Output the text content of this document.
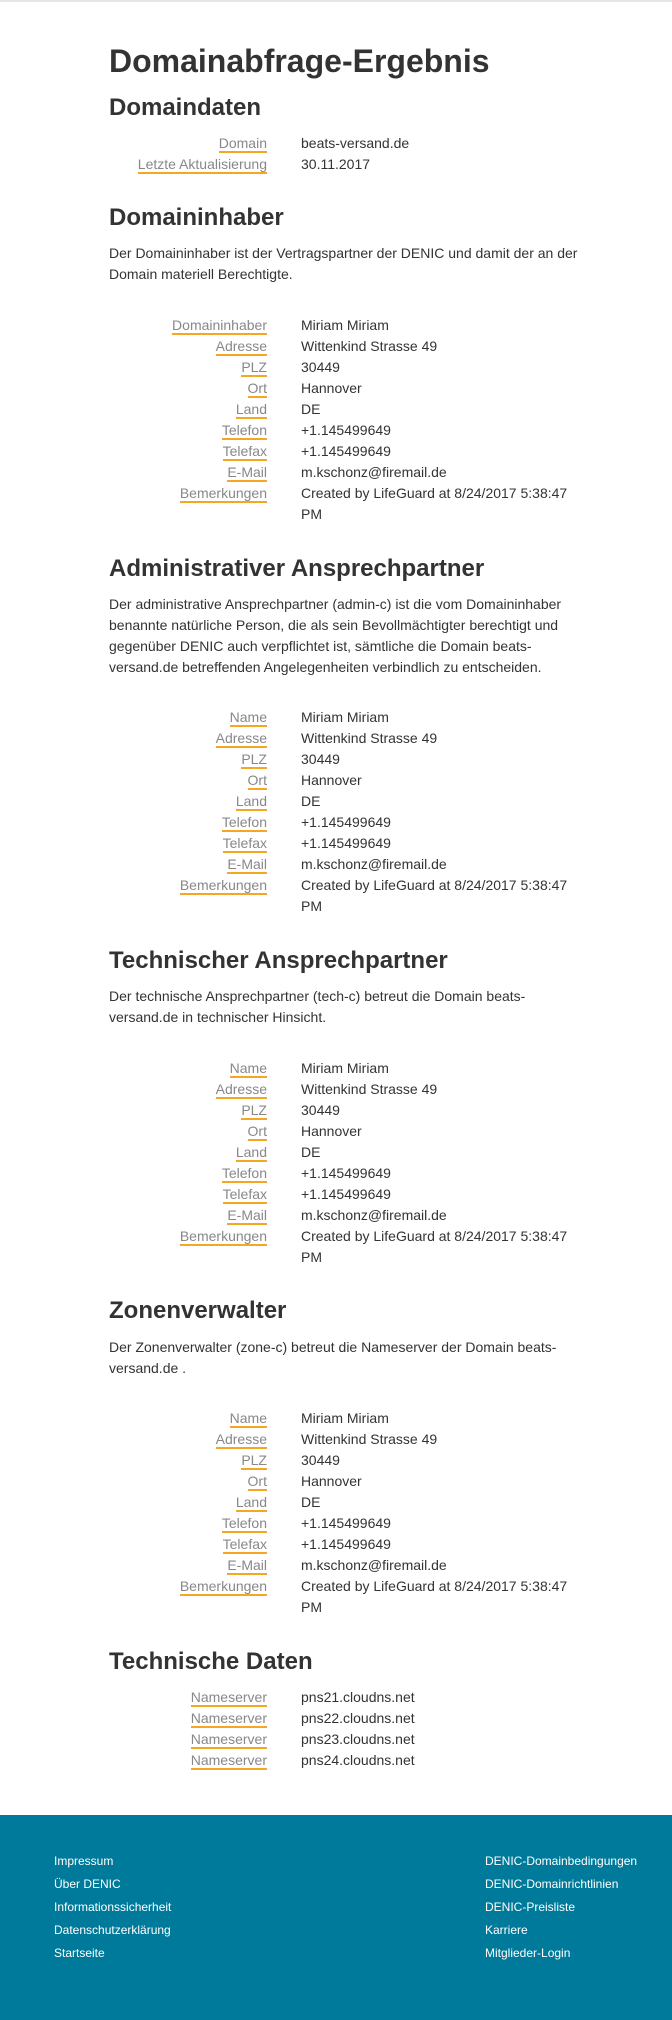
Domainabfrage-Ergebnis
Domaindaten
Domain beats-versand.de
Letzte Aktualisierung 30.11.2017
Domaininhaber

Der Domaininhaber ist der Vertragspartner der DENIC und damit der an der Domain materiell Berechtigte.

Domaininhaber Miriam Miriam
Adresse Wittenkind Strasse 49
PLZ 30449
Ort Hannover
Land DE
Telefon +1.145499649
Telefax +1.145499649
E-Mail m.kschonz@firemail.de
Bemerkungen Created by LifeGuard at 8/24/2017 5:38:47 PM
Administrativer Ansprechpartner

Der administrative Ansprechpartner (admin-c) ist die vom Domaininhaber benannte natürliche Person, die als sein Bevollmächtigter berechtigt und gegenüber DENIC auch verpflichtet ist, sämtliche die Domain beats-versand.de betreffenden Angelegenheiten verbindlich zu entscheiden.

Name Miriam Miriam
Adresse Wittenkind Strasse 49
PLZ 30449
Ort Hannover
Land DE
Telefon +1.145499649
Telefax +1.145499649
E-Mail m.kschonz@firemail.de
Bemerkungen Created by LifeGuard at 8/24/2017 5:38:47 PM
Technischer Ansprechpartner

Der technische Ansprechpartner (tech-c) betreut die Domain beats-versand.de in technischer Hinsicht.

Name Miriam Miriam
Adresse Wittenkind Strasse 49
PLZ 30449
Ort Hannover
Land DE
Telefon +1.145499649
Telefax +1.145499649
E-Mail m.kschonz@firemail.de
Bemerkungen Created by LifeGuard at 8/24/2017 5:38:47 PM
Zonenverwalter

Der Zonenverwalter (zone-c) betreut die Nameserver der Domain beats-versand.de .

Name Miriam Miriam
Adresse Wittenkind Strasse 49
PLZ 30449
Ort Hannover
Land DE
Telefon +1.145499649
Telefax +1.145499649
E-Mail m.kschonz@firemail.de
Bemerkungen Created by LifeGuard at 8/24/2017 5:38:47 PM
Technische Daten
Nameserver pns21.cloudns.net
Nameserver pns22.cloudns.net
Nameserver pns23.cloudns.net
Nameserver pns24.cloudns.net
Impressum
Über DENIC
Informationssicherheit
Datenschutzerklärung
Startseite
DENIC-Domainbedingungen
DENIC-Domainrichtlinien
DENIC-Preisliste
Karriere
Mitglieder-Login
